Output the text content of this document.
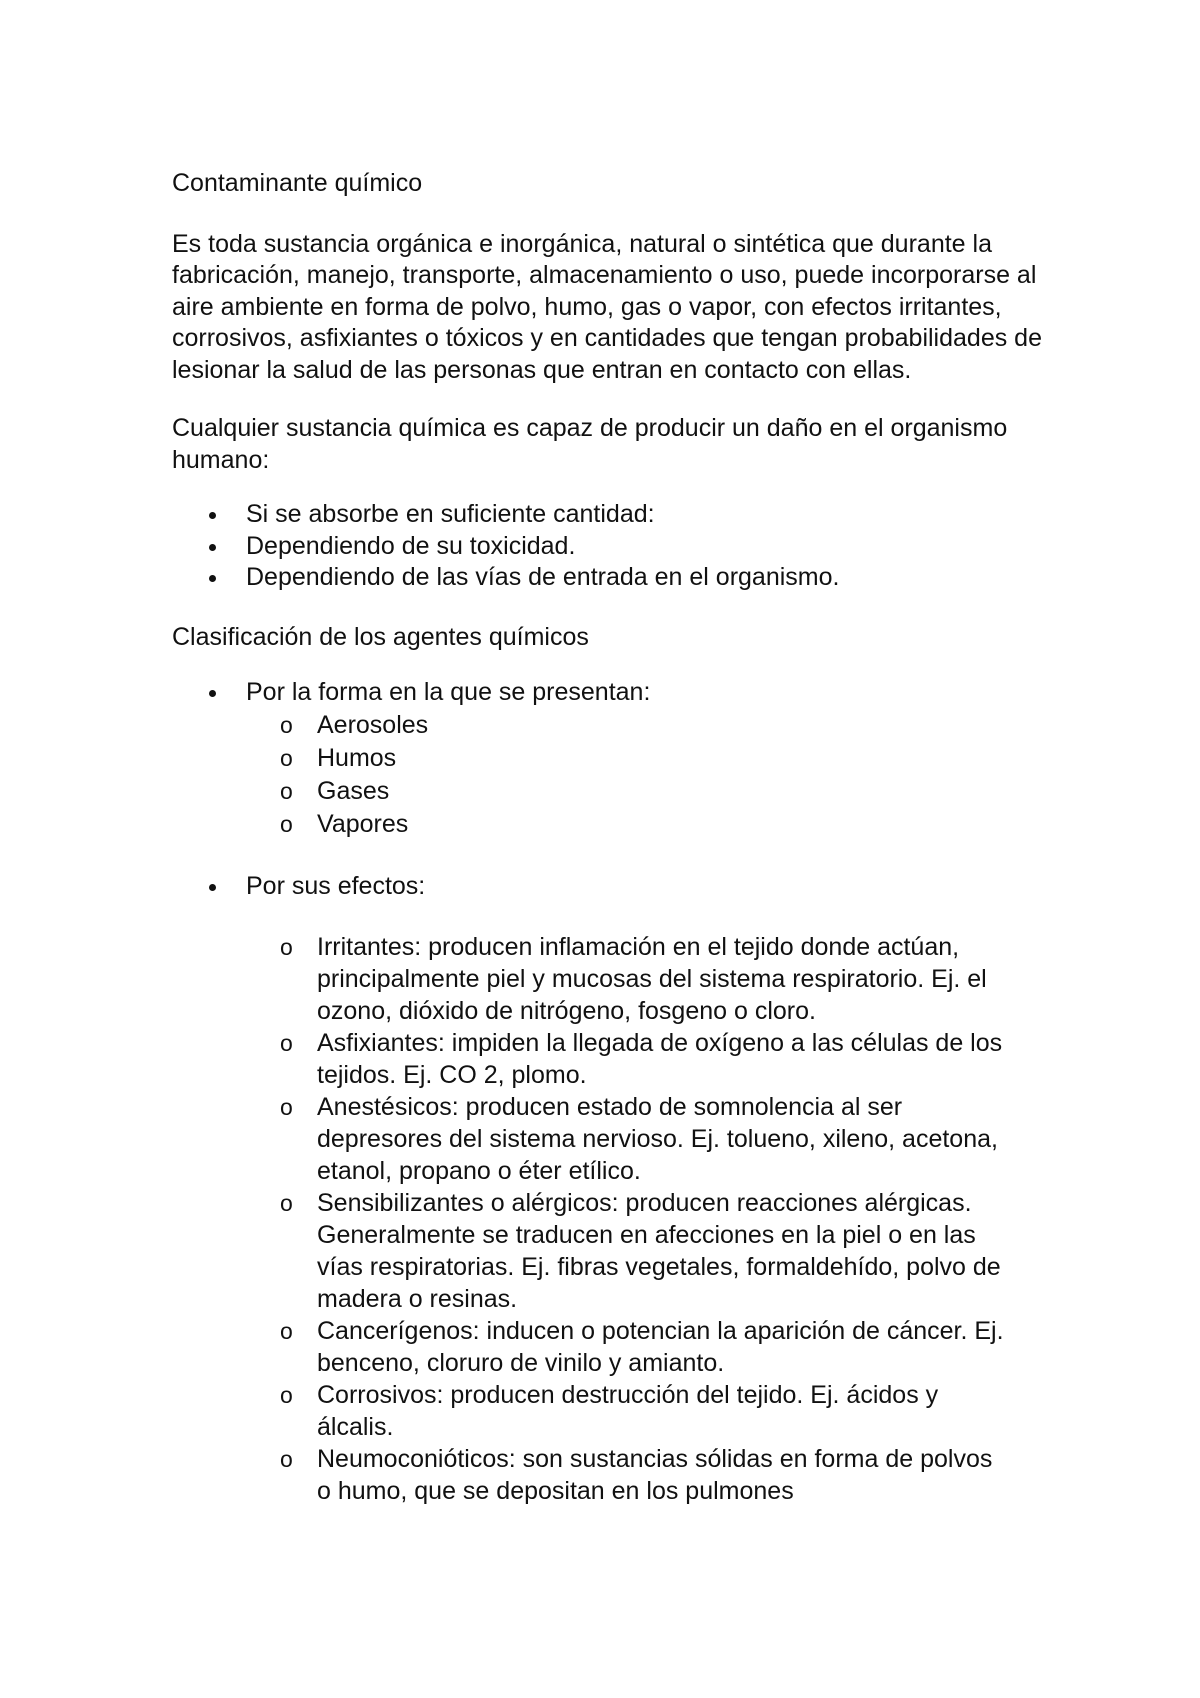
Contaminante químico

Es toda sustancia orgánica e inorgánica, natural o sintética que durante la fabricación, manejo, transporte, almacenamiento o uso, puede incorporarse al aire ambiente en forma de polvo, humo, gas o vapor, con efectos irritantes, corrosivos, asfixiantes o tóxicos y en cantidades que tengan probabilidades de lesionar la salud de las personas que entran en contacto con ellas.

Cualquier sustancia química es capaz de producir un daño en el organismo humano:

Si se absorbe en suficiente cantidad:
Dependiendo de su toxicidad.
Dependiendo de las vías de entrada en el organismo.

Clasificación de los agentes químicos

Por la forma en la que se presentan:
o Aerosoles
o Humos
o Gases
o Vapores
Por sus efectos:
o Irritantes: producen inflamación en el tejido donde actúan, principalmente piel y mucosas del sistema respiratorio. Ej. el ozono, dióxido de nitrógeno, fosgeno o cloro.
o Asfixiantes: impiden la llegada de oxígeno a las células de los tejidos. Ej. CO 2, plomo.
o Anestésicos: producen estado de somnolencia al ser depresores del sistema nervioso. Ej. tolueno, xileno, acetona, etanol, propano o éter etílico.
o Sensibilizantes o alérgicos: producen reacciones alérgicas. Generalmente se traducen en afecciones en la piel o en las vías respiratorias. Ej. fibras vegetales, formaldehído, polvo de madera o resinas.
o Cancerígenos: inducen o potencian la aparición de cáncer. Ej. benceno, cloruro de vinilo y amianto.
o Corrosivos: producen destrucción del tejido. Ej. ácidos y álcalis.
o Neumoconióticos: son sustancias sólidas en forma de polvos o humo, que se depositan en los pulmones
